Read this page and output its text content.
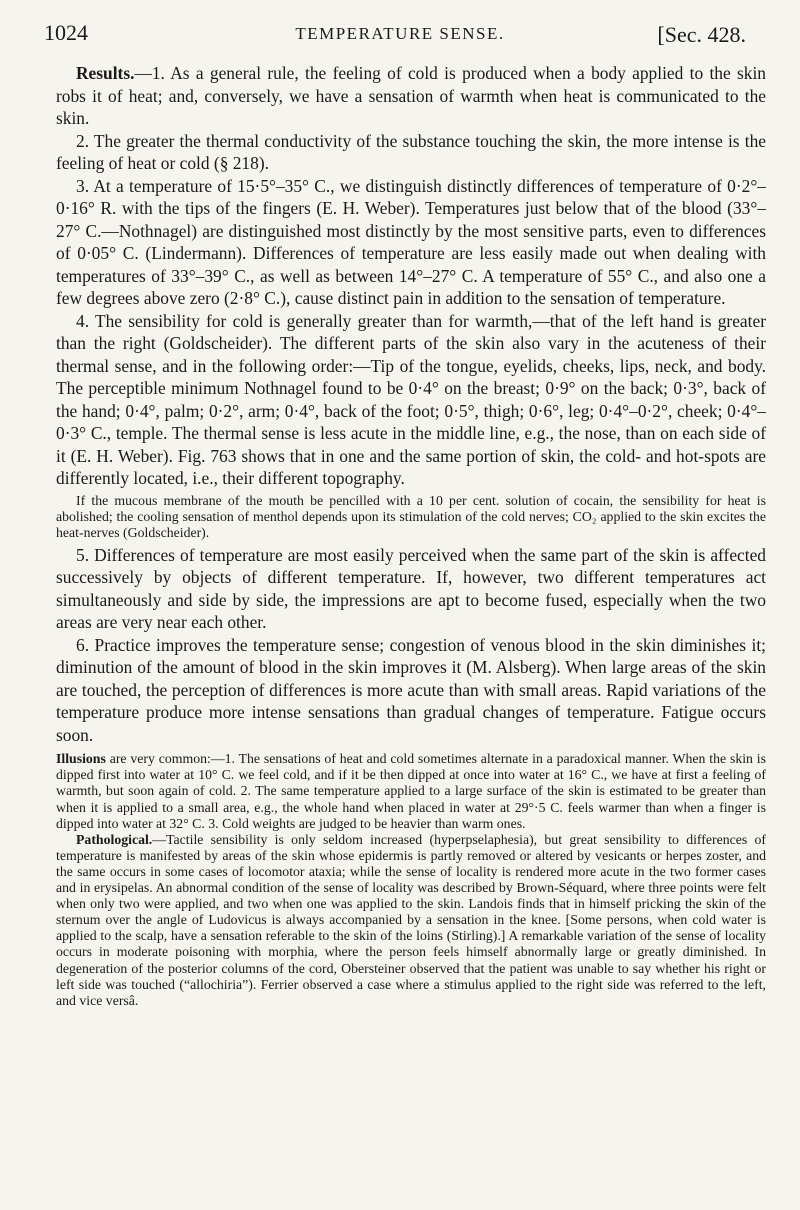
1024	TEMPERATURE SENSE.	[Sec. 428.

Results.—1. As a general rule, the feeling of cold is produced when a body applied to the skin robs it of heat; and, conversely, we have a sensation of warmth when heat is communicated to the skin.

2. The greater the thermal conductivity of the substance touching the skin, the more intense is the feeling of heat or cold (§ 218).

3. At a temperature of 15·5°–35° C., we distinguish distinctly differences of temperature of 0·2°–0·16° R. with the tips of the fingers (E. H. Weber). Temperatures just below that of the blood (33°–27° C.—Nothnagel) are distinguished most distinctly by the most sensitive parts, even to differences of 0·05° C. (Lindermann). Differences of temperature are less easily made out when dealing with temperatures of 33°–39° C., as well as between 14°–27° C. A temperature of 55° C., and also one a few degrees above zero (2·8° C.), cause distinct pain in addition to the sensation of temperature.

4. The sensibility for cold is generally greater than for warmth,—that of the left hand is greater than the right (Goldscheider). The different parts of the skin also vary in the acuteness of their thermal sense, and in the following order:—Tip of the tongue, eyelids, cheeks, lips, neck, and body. The perceptible minimum Nothnagel found to be 0·4° on the breast; 0·9° on the back; 0·3°, back of the hand; 0·4°, palm; 0·2°, arm; 0·4°, back of the foot; 0·5°, thigh; 0·6°, leg; 0·4°–0·2°, cheek; 0·4°–0·3° C., temple. The thermal sense is less acute in the middle line, e.g., the nose, than on each side of it (E. H. Weber). Fig. 763 shows that in one and the same portion of skin, the cold- and hot-spots are differently located, i.e., their different topography.

If the mucous membrane of the mouth be pencilled with a 10 per cent. solution of cocain, the sensibility for heat is abolished; the cooling sensation of menthol depends upon its stimulation of the cold nerves; CO₂ applied to the skin excites the heat-nerves (Goldscheider).

5. Differences of temperature are most easily perceived when the same part of the skin is affected successively by objects of different temperature. If, however, two different temperatures act simultaneously and side by side, the impressions are apt to become fused, especially when the two areas are very near each other.

6. Practice improves the temperature sense; congestion of venous blood in the skin diminishes it; diminution of the amount of blood in the skin improves it (M. Alsberg). When large areas of the skin are touched, the perception of differences is more acute than with small areas. Rapid variations of the temperature produce more intense sensations than gradual changes of temperature. Fatigue occurs soon.

Illusions are very common:—1. The sensations of heat and cold sometimes alternate in a paradoxical manner. When the skin is dipped first into water at 10° C. we feel cold, and if it be then dipped at once into water at 16° C., we have at first a feeling of warmth, but soon again of cold. 2. The same temperature applied to a large surface of the skin is estimated to be greater than when it is applied to a small area, e.g., the whole hand when placed in water at 29°·5 C. feels warmer than when a finger is dipped into water at 32° C. 3. Cold weights are judged to be heavier than warm ones.

Pathological.—Tactile sensibility is only seldom increased (hyperpselaphesia), but great sensibility to differences of temperature is manifested by areas of the skin whose epidermis is partly removed or altered by vesicants or herpes zoster, and the same occurs in some cases of locomotor ataxia; while the sense of locality is rendered more acute in the two former cases and in erysipelas. An abnormal condition of the sense of locality was described by Brown-Séquard, where three points were felt when only two were applied, and two when one was applied to the skin. Landois finds that in himself pricking the skin of the sternum over the angle of Ludovicus is always accompanied by a sensation in the knee. [Some persons, when cold water is applied to the scalp, have a sensation referable to the skin of the loins (Stirling).] A remarkable variation of the sense of locality occurs in moderate poisoning with morphia, where the person feels himself abnormally large or greatly diminished. In degeneration of the posterior columns of the cord, Obersteiner observed that the patient was unable to say whether his right or left side was touched (“allochiria”). Ferrier observed a case where a stimulus applied to the right side was referred to the left, and vice versâ.
